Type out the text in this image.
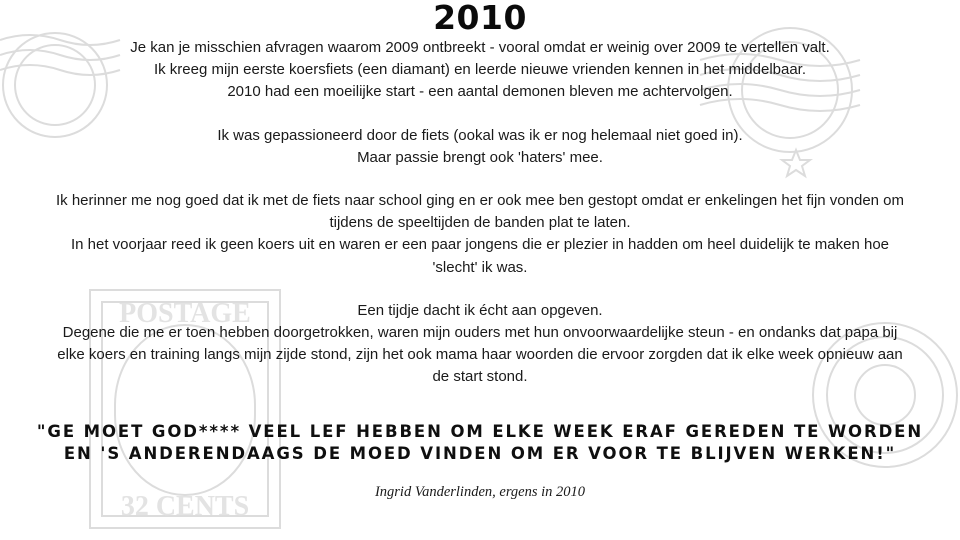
POSTAGE
32 CENTS
2010

Je kan je misschien afvragen waarom 2009 ontbreekt - vooral omdat er weinig over 2009 te vertellen valt.
Ik kreeg mijn eerste koersfiets (een diamant) en leerde nieuwe vrienden kennen in het middelbaar.
2010 had een moeilijke start - een aantal demonen bleven me achtervolgen.

Ik was gepassioneerd door de fiets (ookal was ik er nog helemaal niet goed in).
Maar passie brengt ook 'haters' mee.

Ik herinner me nog goed dat ik met de fiets naar school ging en er ook mee ben gestopt omdat er enkelingen het fijn vonden om
tijdens de speeltijden de banden plat te laten.
In het voorjaar reed ik geen koers uit en waren er een paar jongens die er plezier in hadden om heel duidelijk te maken hoe
'slecht' ik was.

Een tijdje dacht ik écht aan opgeven.
Degene die me er toen hebben doorgetrokken, waren mijn ouders met hun onvoorwaardelijke steun - en ondanks dat papa bij
elke koers en training langs mijn zijde stond, zijn het ook mama haar woorden die ervoor zorgden dat ik elke week opnieuw aan
de start stond.

"GE MOET GOD**** VEEL LEF HEBBEN OM ELKE WEEK ERAF GEREDEN TE WORDEN
EN 'S ANDERENDAAGS DE MOED VINDEN OM ER VOOR TE BLIJVEN WERKEN!"
Ingrid Vanderlinden, ergens in 2010
